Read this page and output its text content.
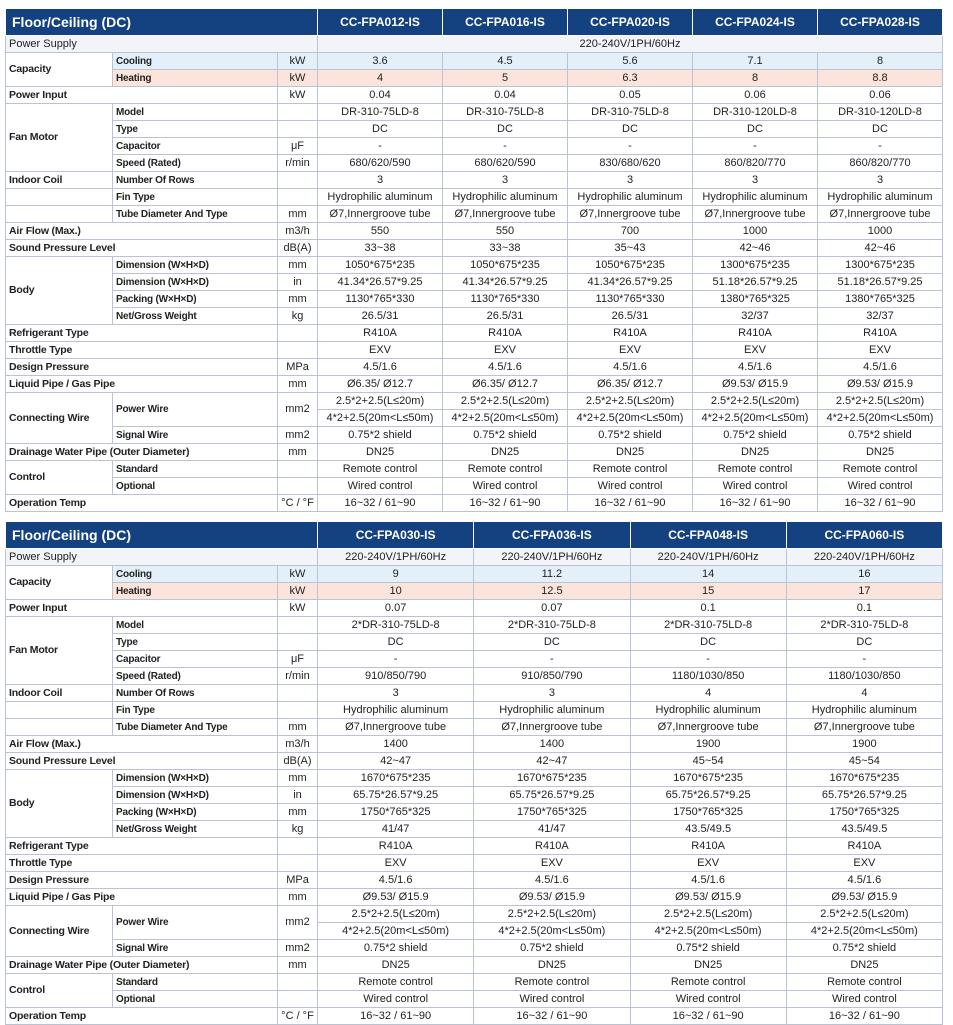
Floor/Ceiling (DC)			CC-FPA012-IS	CC-FPA016-IS	CC-FPA020-IS	CC-FPA024-IS	CC-FPA028-IS
Power Supply			220-240V/1PH/60Hz				
Capacity	Cooling	kW	3.6	4.5	5.6	7.1	8
	Heating	kW	4	5	6.3	8	8.8
Power Input		kW	0.04	0.04	0.05	0.06	0.06
Fan Motor	Model		DR-310-75LD-8	DR-310-75LD-8	DR-310-75LD-8	DR-310-120LD-8	DR-310-120LD-8
	Type		DC	DC	DC	DC	DC
	Capacitor	μF	-	-	-	-	-
	Speed (Rated)	r/min	680/620/590	680/620/590	830/680/620	860/820/770	860/820/770
Indoor Coil	Number Of Rows		3	3	3	3	3
	Fin Type		Hydrophilic aluminum	Hydrophilic aluminum	Hydrophilic aluminum	Hydrophilic aluminum	Hydrophilic aluminum
	Tube Diameter And Type	mm	Ø7,Innergroove tube	Ø7,Innergroove tube	Ø7,Innergroove tube	Ø7,Innergroove tube	Ø7,Innergroove tube
Air Flow (Max.)		m3/h	550	550	700	1000	1000
Sound Pressure Level		dB(A)	33~38	33~38	35~43	42~46	42~46
Body	Dimension (W×H×D)	mm	1050*675*235	1050*675*235	1050*675*235	1300*675*235	1300*675*235
	Dimension (W×H×D)	in	41.34*26.57*9.25	41.34*26.57*9.25	41.34*26.57*9.25	51.18*26.57*9.25	51.18*26.57*9.25
	Packing (W×H×D)	mm	1130*765*330	1130*765*330	1130*765*330	1380*765*325	1380*765*325
	Net/Gross Weight	kg	26.5/31	26.5/31	26.5/31	32/37	32/37
Refrigerant Type			R410A	R410A	R410A	R410A	R410A
Throttle Type			EXV	EXV	EXV	EXV	EXV
Design Pressure		MPa	4.5/1.6	4.5/1.6	4.5/1.6	4.5/1.6	4.5/1.6
Liquid Pipe / Gas Pipe		mm	Ø6.35/ Ø12.7	Ø6.35/ Ø12.7	Ø6.35/ Ø12.7	Ø9.53/ Ø15.9	Ø9.53/ Ø15.9
Connecting Wire	Power Wire	mm2	2.5*2+2.5(L≤20m)	2.5*2+2.5(L≤20m)	2.5*2+2.5(L≤20m)	2.5*2+2.5(L≤20m)	2.5*2+2.5(L≤20m)
			4*2+2.5(20m<L≤50m)	4*2+2.5(20m<L≤50m)	4*2+2.5(20m<L≤50m)	4*2+2.5(20m<L≤50m)	4*2+2.5(20m<L≤50m)
	Signal Wire	mm2	0.75*2 shield	0.75*2 shield	0.75*2 shield	0.75*2 shield	0.75*2 shield
Drainage Water Pipe (Outer Diameter)		mm	DN25	DN25	DN25	DN25	DN25
Control	Standard		Remote control	Remote control	Remote control	Remote control	Remote control
	Optional		Wired control	Wired control	Wired control	Wired control	Wired control
Operation Temp		°C / °F	16~32 / 61~90	16~32 / 61~90	16~32 / 61~90	16~32 / 61~90	16~32 / 61~90
Floor/Ceiling (DC)			CC-FPA030-IS	CC-FPA036-IS	CC-FPA048-IS	CC-FPA060-IS
Power Supply			220-240V/1PH/60Hz	220-240V/1PH/60Hz	220-240V/1PH/60Hz	220-240V/1PH/60Hz
Capacity	Cooling	kW	9	11.2	14	16
	Heating	kW	10	12.5	15	17
Power Input		kW	0.07	0.07	0.1	0.1
Fan Motor	Model		2*DR-310-75LD-8	2*DR-310-75LD-8	2*DR-310-75LD-8	2*DR-310-75LD-8
	Type		DC	DC	DC	DC
	Capacitor	μF	-	-	-	-
	Speed (Rated)	r/min	910/850/790	910/850/790	1180/1030/850	1180/1030/850
Indoor Coil	Number Of Rows		3	3	4	4
	Fin Type		Hydrophilic aluminum	Hydrophilic aluminum	Hydrophilic aluminum	Hydrophilic aluminum
	Tube Diameter And Type	mm	Ø7,Innergroove tube	Ø7,Innergroove tube	Ø7,Innergroove tube	Ø7,Innergroove tube
Air Flow (Max.)		m3/h	1400	1400	1900	1900
Sound Pressure Level		dB(A)	42~47	42~47	45~54	45~54
Body	Dimension (W×H×D)	mm	1670*675*235	1670*675*235	1670*675*235	1670*675*235
	Dimension (W×H×D)	in	65.75*26.57*9.25	65.75*26.57*9.25	65.75*26.57*9.25	65.75*26.57*9.25
	Packing (W×H×D)	mm	1750*765*325	1750*765*325	1750*765*325	1750*765*325
	Net/Gross Weight	kg	41/47	41/47	43.5/49.5	43.5/49.5
Refrigerant Type			R410A	R410A	R410A	R410A
Throttle Type			EXV	EXV	EXV	EXV
Design Pressure		MPa	4.5/1.6	4.5/1.6	4.5/1.6	4.5/1.6
Liquid Pipe / Gas Pipe		mm	Ø9.53/ Ø15.9	Ø9.53/ Ø15.9	Ø9.53/ Ø15.9	Ø9.53/ Ø15.9
Connecting Wire	Power Wire	mm2	2.5*2+2.5(L≤20m)	2.5*2+2.5(L≤20m)	2.5*2+2.5(L≤20m)	2.5*2+2.5(L≤20m)
			4*2+2.5(20m<L≤50m)	4*2+2.5(20m<L≤50m)	4*2+2.5(20m<L≤50m)	4*2+2.5(20m<L≤50m)
	Signal Wire	mm2	0.75*2 shield	0.75*2 shield	0.75*2 shield	0.75*2 shield
Drainage Water Pipe (Outer Diameter)		mm	DN25	DN25	DN25	DN25
Control	Standard		Remote control	Remote control	Remote control	Remote control
	Optional		Wired control	Wired control	Wired control	Wired control
Operation Temp		°C / °F	16~32 / 61~90	16~32 / 61~90	16~32 / 61~90	16~32 / 61~90
